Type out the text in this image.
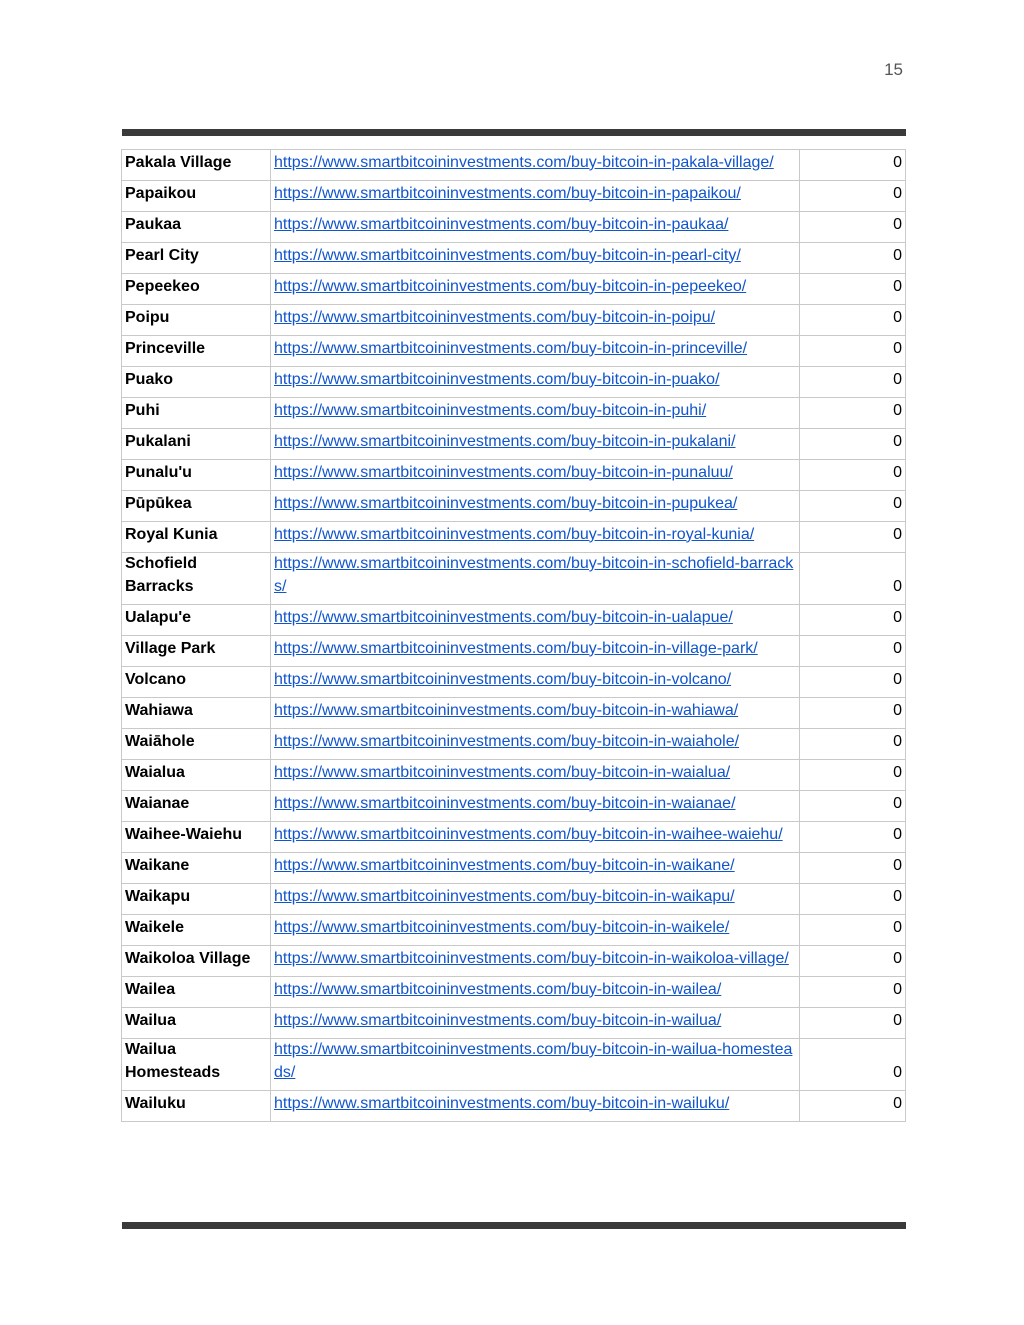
15
Pakala Village	https://www.smartbitcoininvestments.com/buy-bitcoin-in-pakala-village/	0
Papaikou	https://www.smartbitcoininvestments.com/buy-bitcoin-in-papaikou/	0
Paukaa	https://www.smartbitcoininvestments.com/buy-bitcoin-in-paukaa/	0
Pearl City	https://www.smartbitcoininvestments.com/buy-bitcoin-in-pearl-city/	0
Pepeekeo	https://www.smartbitcoininvestments.com/buy-bitcoin-in-pepeekeo/	0
Poipu	https://www.smartbitcoininvestments.com/buy-bitcoin-in-poipu/	0
Princeville	https://www.smartbitcoininvestments.com/buy-bitcoin-in-princeville/	0
Puako	https://www.smartbitcoininvestments.com/buy-bitcoin-in-puako/	0
Puhi	https://www.smartbitcoininvestments.com/buy-bitcoin-in-puhi/	0
Pukalani	https://www.smartbitcoininvestments.com/buy-bitcoin-in-pukalani/	0
Punalu'u	https://www.smartbitcoininvestments.com/buy-bitcoin-in-punaluu/	0
Pūpūkea	https://www.smartbitcoininvestments.com/buy-bitcoin-in-pupukea/	0
Royal Kunia	https://www.smartbitcoininvestments.com/buy-bitcoin-in-royal-kunia/	0
Schofield Barracks	https://www.smartbitcoininvestments.com/buy-bitcoin-in-schofield-barracks/	0
Ualapu'e	https://www.smartbitcoininvestments.com/buy-bitcoin-in-ualapue/	0
Village Park	https://www.smartbitcoininvestments.com/buy-bitcoin-in-village-park/	0
Volcano	https://www.smartbitcoininvestments.com/buy-bitcoin-in-volcano/	0
Wahiawa	https://www.smartbitcoininvestments.com/buy-bitcoin-in-wahiawa/	0
Waiāhole	https://www.smartbitcoininvestments.com/buy-bitcoin-in-waiahole/	0
Waialua	https://www.smartbitcoininvestments.com/buy-bitcoin-in-waialua/	0
Waianae	https://www.smartbitcoininvestments.com/buy-bitcoin-in-waianae/	0
Waihee-Waiehu	https://www.smartbitcoininvestments.com/buy-bitcoin-in-waihee-waiehu/	0
Waikane	https://www.smartbitcoininvestments.com/buy-bitcoin-in-waikane/	0
Waikapu	https://www.smartbitcoininvestments.com/buy-bitcoin-in-waikapu/	0
Waikele	https://www.smartbitcoininvestments.com/buy-bitcoin-in-waikele/	0
Waikoloa Village	https://www.smartbitcoininvestments.com/buy-bitcoin-in-waikoloa-village/	0
Wailea	https://www.smartbitcoininvestments.com/buy-bitcoin-in-wailea/	0
Wailua	https://www.smartbitcoininvestments.com/buy-bitcoin-in-wailua/	0
Wailua Homesteads	https://www.smartbitcoininvestments.com/buy-bitcoin-in-wailua-homesteads/	0
Wailuku	https://www.smartbitcoininvestments.com/buy-bitcoin-in-wailuku/	0
